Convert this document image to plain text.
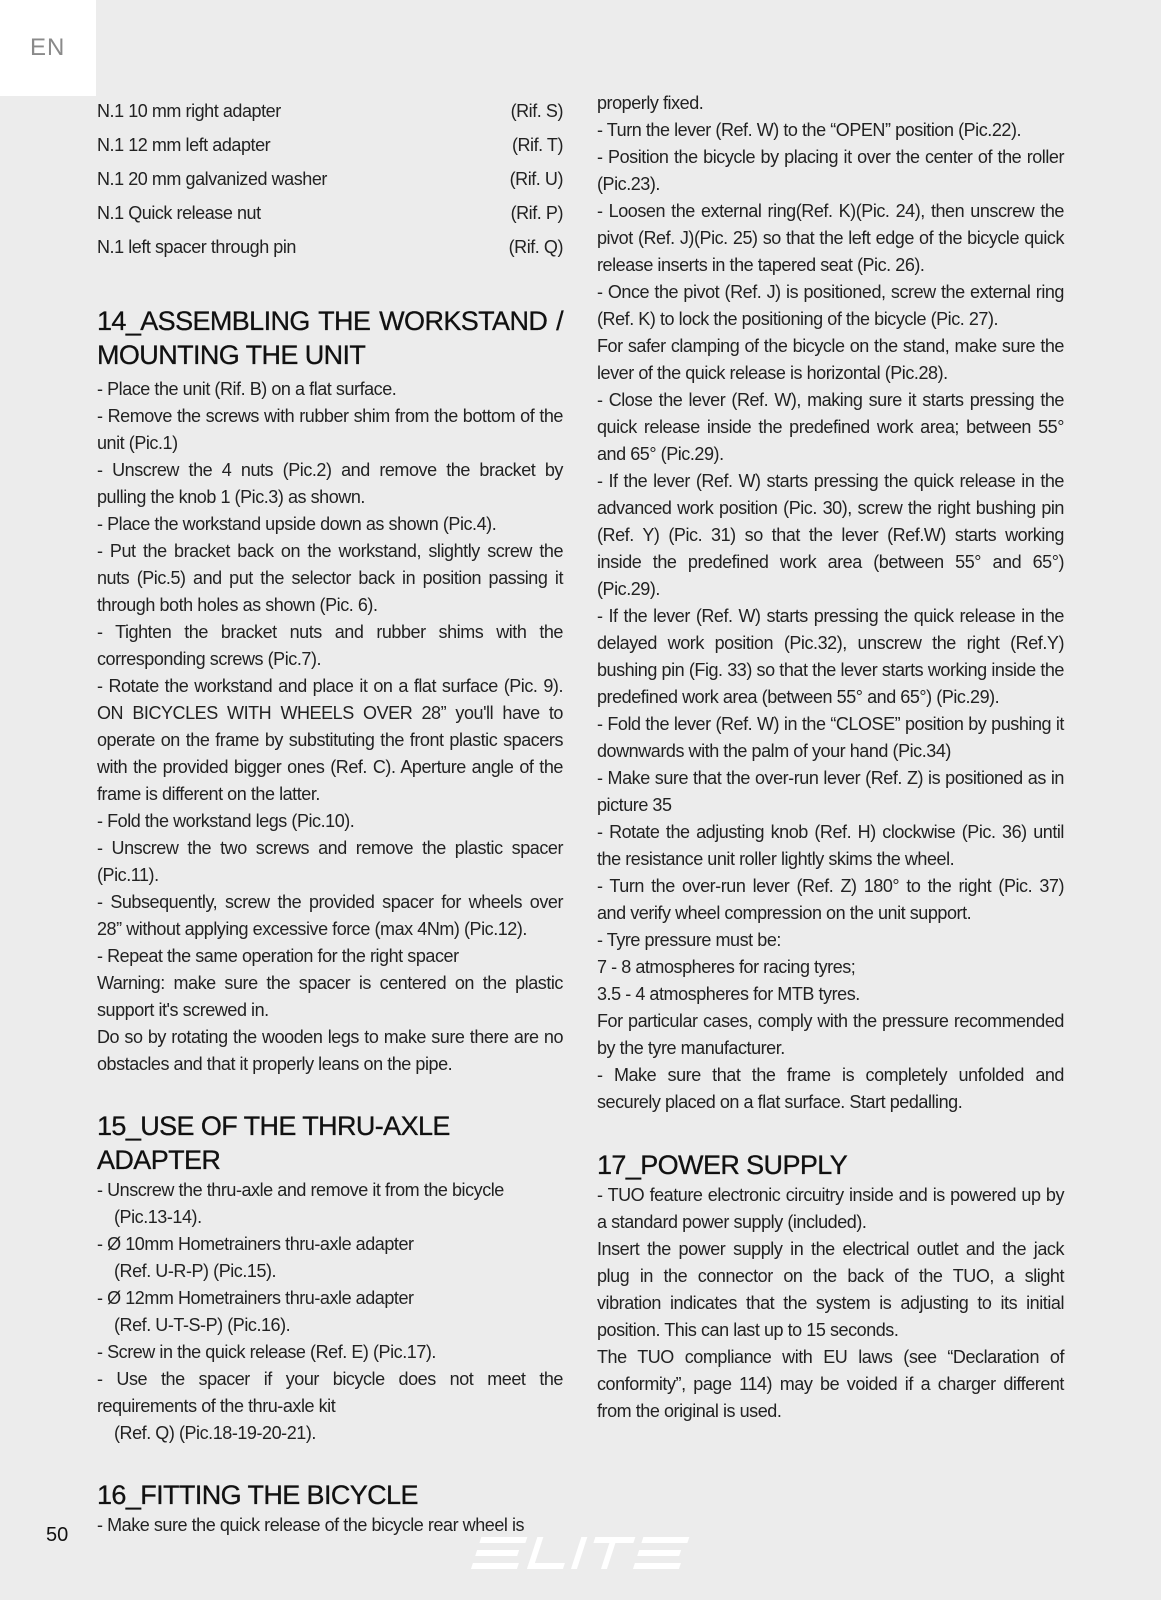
EN
N.1 10 mm right adapter	(Rif. S)
N.1 12 mm left adapter	(Rif. T)
N.1 20 mm galvanized washer	(Rif. U)
N.1 Quick release nut	(Rif. P)
N.1 left spacer through pin	(Rif. Q)
14_ASSEMBLING THE WORKSTAND /
MOUNTING THE UNIT

- Place the unit (Rif. B) on a flat surface.

- Remove the screws with rubber shim from the bottom of the unit (Pic.1)

- Unscrew the 4 nuts (Pic.2) and remove the bracket by pulling the knob 1 (Pic.3) as shown.

- Place the workstand upside down as shown (Pic.4).

- Put the bracket back on the workstand, slightly screw the nuts (Pic.5) and put the selector back in position passing it through both holes as shown (Pic. 6).

- Tighten the bracket nuts and rubber shims with the corresponding screws (Pic.7).

- Rotate the workstand and place it on a flat surface (Pic. 9). ON BICYCLES WITH WHEELS OVER 28” you'll have to operate on the frame by substituting the front plastic spacers with the provided bigger ones (Ref. C). Aperture angle of the frame is different on the latter.

- Fold the workstand legs (Pic.10).

- Unscrew the two screws and remove the plastic spacer (Pic.11).

- Subsequently, screw the provided spacer for wheels over 28” without applying excessive force (max 4Nm) (Pic.12).

- Repeat the same operation for the right spacer

Warning: make sure the spacer is centered on the plastic support it's screwed in.

Do so by rotating the wooden legs to make sure there are no obstacles and that it properly leans on the pipe.

15_USE OF THE THRU-AXLE ADAPTER

- Unscrew the thru-axle and remove it from the bicycle

(Pic.13-14).

- Ø 10mm Hometrainers thru-axle adapter

(Ref. U-R-P) (Pic.15).

- Ø 12mm Hometrainers thru-axle adapter

(Ref. U-T-S-P) (Pic.16).

- Screw in the quick release (Ref. E) (Pic.17).

- Use the spacer if your bicycle does not meet the requirements of the thru-axle kit

(Ref. Q) (Pic.18-19-20-21).

16_FITTING THE BICYCLE

- Make sure the quick release of the bicycle rear wheel is

properly fixed.

- Turn the lever (Ref. W) to the “OPEN” position (Pic.22).

- Position the bicycle by placing it over the center of the roller (Pic.23).

- Loosen the external ring(Ref. K)(Pic. 24), then unscrew the pivot (Ref. J)(Pic. 25) so that the left edge of the bicycle quick release inserts in the tapered seat (Pic. 26).

- Once the pivot (Ref. J) is positioned, screw the external ring (Ref. K) to lock the positioning of the bicycle (Pic. 27).

For safer clamping of the bicycle on the stand, make sure the lever of the quick release is horizontal (Pic.28).

- Close the lever (Ref. W), making sure it starts pressing the quick release inside the predefined work area; between 55° and 65° (Pic.29).

- If the lever (Ref. W) starts pressing the quick release in the advanced work position (Pic. 30), screw the right bushing pin (Ref. Y) (Pic. 31) so that the lever (Ref.W) starts working inside the predefined work area (between 55° and 65°) (Pic.29).

- If the lever (Ref. W) starts pressing the quick release in the delayed work position (Pic.32), unscrew the right (Ref.Y) bushing pin (Fig. 33) so that the lever starts working inside the predefined work area (between 55° and 65°) (Pic.29).

- Fold the lever (Ref. W) in the “CLOSE” position by pushing it downwards with the palm of your hand (Pic.34)

- Make sure that the over-run lever (Ref. Z) is positioned as in picture 35

- Rotate the adjusting knob (Ref. H) clockwise (Pic. 36) until the resistance unit roller lightly skims the wheel.

- Turn the over-run lever (Ref. Z) 180° to the right (Pic. 37) and verify wheel compression on the unit support.

- Tyre pressure must be:

7 - 8 atmospheres for racing tyres;

3.5 - 4 atmospheres for MTB tyres.

For particular cases, comply with the pressure recommended by the tyre manufacturer.

- Make sure that the frame is completely unfolded and securely placed on a flat surface. Start pedalling.

17_POWER SUPPLY

- TUO feature electronic circuitry inside and is powered up by a standard power supply (included).

Insert the power supply in the electrical outlet and the jack plug in the connector on the back of the TUO, a slight vibration indicates that the system is adjusting to its initial position. This can last up to 15 seconds.

The TUO compliance with EU laws (see “Declaration of conformity”, page 114) may be voided if a charger different from the original is used.

50
